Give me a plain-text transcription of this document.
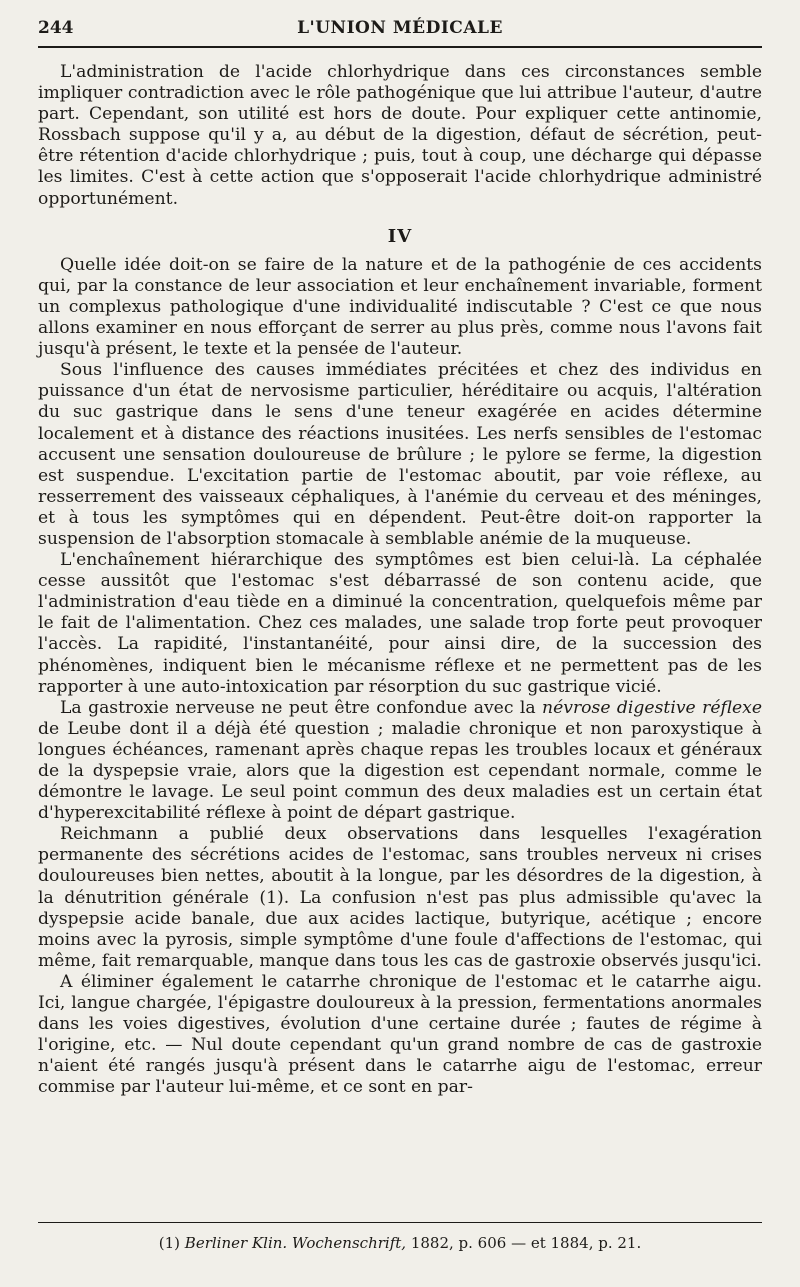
244	L'UNION MÉDICALE

L'administration de l'acide chlorhydrique dans ces circonstances semble impliquer contradiction avec le rôle pathogénique que lui attribue l'auteur, d'autre part. Cependant, son utilité est hors de doute. Pour expliquer cette antinomie, Rossbach suppose qu'il y a, au début de la digestion, défaut de sécrétion, peut-être rétention d'acide chlorhydrique ; puis, tout à coup, une décharge qui dépasse les limites. C'est à cette action que s'opposerait l'acide chlorhydrique administré opportunément.

IV

Quelle idée doit-on se faire de la nature et de la pathogénie de ces accidents qui, par la constance de leur association et leur enchaînement invariable, forment un complexus pathologique d'une individualité indiscutable ? C'est ce que nous allons examiner en nous efforçant de serrer au plus près, comme nous l'avons fait jusqu'à présent, le texte et la pensée de l'auteur.

Sous l'influence des causes immédiates précitées et chez des individus en puissance d'un état de nervosisme particulier, héréditaire ou acquis, l'altération du suc gastrique dans le sens d'une teneur exagérée en acides détermine localement et à distance des réactions inusitées. Les nerfs sensibles de l'estomac accusent une sensation douloureuse de brûlure ; le pylore se ferme, la digestion est suspendue. L'excitation partie de l'estomac aboutit, par voie réflexe, au resserrement des vaisseaux céphaliques, à l'anémie du cerveau et des méninges, et à tous les symptômes qui en dépendent. Peut-être doit-on rapporter la suspension de l'absorption stomacale à semblable anémie de la muqueuse.

L'enchaînement hiérarchique des symptômes est bien celui-là. La céphalée cesse aussitôt que l'estomac s'est débarrassé de son contenu acide, que l'administration d'eau tiède en a diminué la concentration, quelquefois même par le fait de l'alimentation. Chez ces malades, une salade trop forte peut provoquer l'accès. La rapidité, l'instantanéité, pour ainsi dire, de la succession des phénomènes, indiquent bien le mécanisme réflexe et ne permettent pas de les rapporter à une auto-intoxication par résorption du suc gastrique vicié.

La gastroxie nerveuse ne peut être confondue avec la névrose digestive réflexe de Leube dont il a déjà été question ; maladie chronique et non paroxystique à longues échéances, ramenant après chaque repas les troubles locaux et généraux de la dyspepsie vraie, alors que la digestion est cependant normale, comme le démontre le lavage. Le seul point commun des deux maladies est un certain état d'hyperexcitabilité réflexe à point de départ gastrique.

Reichmann a publié deux observations dans lesquelles l'exagération permanente des sécrétions acides de l'estomac, sans troubles nerveux ni crises douloureuses bien nettes, aboutit à la longue, par les désordres de la digestion, à la dénutrition générale (1). La confusion n'est pas plus admissible qu'avec la dyspepsie acide banale, due aux acides lactique, butyrique, acétique ; encore moins avec la pyrosis, simple symptôme d'une foule d'affections de l'estomac, qui même, fait remarquable, manque dans tous les cas de gastroxie observés jusqu'ici.

A éliminer également le catarrhe chronique de l'estomac et le catarrhe aigu. Ici, langue chargée, l'épigastre douloureux à la pression, fermentations anormales dans les voies digestives, évolution d'une certaine durée ; fautes de régime à l'origine, etc. — Nul doute cependant qu'un grand nombre de cas de gastroxie n'aient été rangés jusqu'à présent dans le catarrhe aigu de l'estomac, erreur commise par l'auteur lui-même, et ce sont en par-

(1) Berliner Klin. Wochenschrift, 1882, p. 606 — et 1884, p. 21.
